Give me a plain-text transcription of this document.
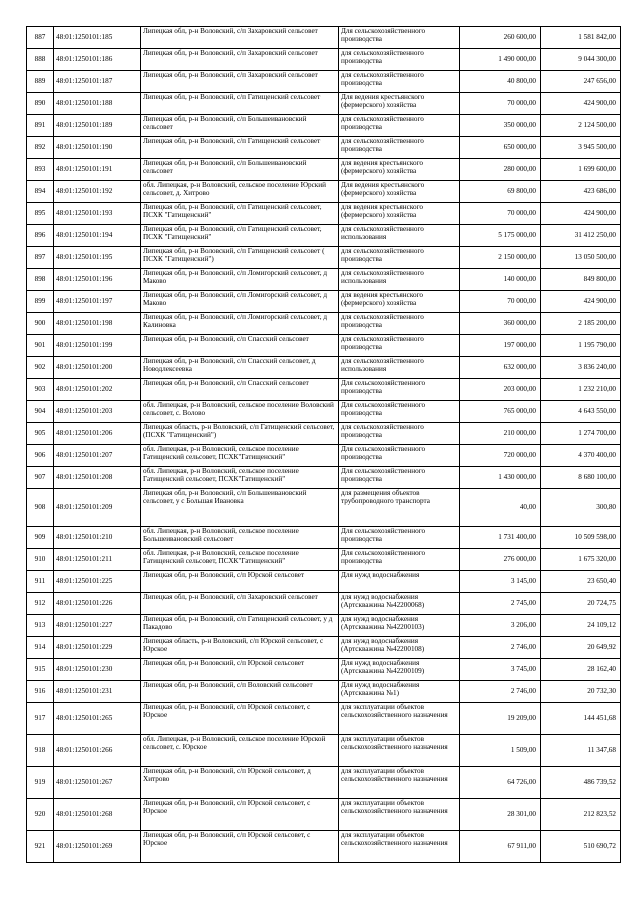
887	48:01:1250101:185	Липецкая обл, р-н Воловский, с/п Захаровский сельсовет	Для сельскохозяйственного производства	260 600,00	1 581 842,00	
888	48:01:1250101:186	Липецкая обл, р-н Воловский, с/п Захаровский сельсовет	для сельскохозяйственного производства	1 490 000,00	9 044 300,00	
889	48:01:1250101:187	Липецкая обл, р-н Воловский, с/п Захаровский сельсовет	для сельскохозяйственного производства	40 800,00	247 656,00	
890	48:01:1250101:188	Липецкая обл, р-н Воловский, с/п Гатищенский сельсовет	Для ведения крестьянского (фермерского) хозяйства	70 000,00	424 900,00	
891	48:01:1250101:189	Липецкая обл, р-н Воловский, с/п Большеивановский сельсовет	для сельскохозяйственного производства	350 000,00	2 124 500,00	
892	48:01:1250101:190	Липецкая обл, р-н Воловский, с/п Гатищенский сельсовет	для сельскохозяйственного производства	650 000,00	3 945 500,00	
893	48:01:1250101:191	Липецкая обл, р-н Воловский, с/п Большеивановский сельсовет	для ведения крестьянского (фермерского) хозяйства	280 000,00	1 699 600,00	
894	48:01:1250101:192	обл. Липецкая, р-н Воловский, сельское поселение Юрский сельсовет, д. Хитрово	Для ведения крестьянского (фермерского) хозяйства	69 800,00	423 686,00	
895	48:01:1250101:193	Липецкая обл, р-н Воловский, с/п Гатищенский сельсовет, ПСХК "Гатищенский"	для ведения крестьянского (фермерского) хозяйства	70 000,00	424 900,00	
896	48:01:1250101:194	Липецкая обл, р-н Воловский, с/п Гатищенский сельсовет, ПСХК "Гатищенский"	для сельскохозяйственного использования	5 175 000,00	31 412 250,00	
897	48:01:1250101:195	Липецкая обл, р-н Воловский, с/п Гатищенский сельсовет ( ПСХК "Гатищенский")	для сельскохозяйственного производства	2 150 000,00	13 050 500,00	
898	48:01:1250101:196	Липецкая обл, р-н Воловский, с/п Ломигорский сельсовет, д Маково	для сельскохозяйственного использования	140 000,00	849 800,00	
899	48:01:1250101:197	Липецкая обл, р-н Воловский, с/п Ломигорский сельсовет, д Маково	для ведения крестьянского (фермерского) хозяйства	70 000,00	424 900,00	
900	48:01:1250101:198	Липецкая обл, р-н Воловский, с/п Ломигорский сельсовет, д Калиновка	для сельскохозяйственного производства	360 000,00	2 185 200,00	
901	48:01:1250101:199	Липецкая обл, р-н Воловский, с/п Спасский сельсовет	для сельскохозяйственного производства	197 000,00	1 195 790,00	
902	48:01:1250101:200	Липецкая обл, р-н Воловский, с/п Спасский сельсовет, д Новодлексеевка	для сельскохозяйственного использования	632 000,00	3 836 240,00	
903	48:01:1250101:202	Липецкая обл, р-н Воловский, с/п Спасский сельсовет	Для сельскохозяйственного производства	203 000,00	1 232 210,00	
904	48:01:1250101:203	обл. Липецкая, р-н Воловский, сельское поселение Воловский сельсовет, с. Волово	Для сельскохозяйственного производства	765 000,00	4 643 550,00	
905	48:01:1250101:206	Липецкая область, р-н Воловский, с/п Гатищенский сельсовет, (ПСХК "Гатищенский")	для сельскохозяйственного производства	210 000,00	1 274 700,00	
906	48:01:1250101:207	обл. Липецкая, р-н Воловский, сельское поселение Гатищенский сельсовет, ПСХК"Гатищенский"	Для сельскохозяйственного производства	720 000,00	4 370 400,00	
907	48:01:1250101:208	обл. Липецкая, р-н Воловский, сельское поселение Гатищенский сельсовет, ПСХК"Гатищенский"	Для сельскохозяйственного производства	1 430 000,00	8 680 100,00	
908	48:01:1250101:209	Липецкая обл, р-н Воловский, с/п Большеивановский сельсовет, у с Большая Ивановка	для размещения объектов трубопроводного транспорта	40,00	300,80	
909	48:01:1250101:210	обл. Липецкая, р-н Воловский, сельское поселение Большеивановский сельсовет	Для сельскохозяйственного производства	1 731 400,00	10 509 598,00	
910	48:01:1250101:211	обл. Липецкая, р-н Воловский, сельское поселение Гатищенский сельсовет, ПСХК"Гатищенский"	Для сельскохозяйственного производства	276 000,00	1 675 320,00	
911	48:01:1250101:225	Липецкая обл, р-н Воловский, с/п Юрской сельсовет	Для нужд водоснабжения	3 145,00	23 650,40	
912	48:01:1250101:226	Липецкая обл, р-н Воловский, с/п Захаровский сельсовет	для нужд водоснабжения (Артскважина №42200068)	2 745,00	20 724,75	
913	48:01:1250101:227	Липецкая обл, р-н Воловский, с/п Гатищенский сельсовет, у д Пакадово	для нужд водоснабжения (Артскважина №42200103)	3 206,00	24 109,12	
914	48:01:1250101:229	Липецкая область, р-н Воловский, с/п Юрской сельсовет, с Юрское	для нужд водоснабжения (Артскважина №42200108)	2 746,00	20 649,92	
915	48:01:1250101:230	Липецкая обл, р-н Воловский, с/п Юрской сельсовет	Для нужд водоснабжения (Артскважина №42200109)	3 745,00	28 162,40	
916	48:01:1250101:231	Липецкая обл, р-н Воловский, с/п Воловский сельсовет	Для нужд водоснабжения (Артскважина №1)	2 746,00	20 732,30	
917	48:01:1250101:265	Липецкая обл, р-н Воловский, с/п Юрской сельсовет, с Юрское	для эксплуатации объектов сельскохозяйственного назначения	19 209,00	144 451,68	
918	48:01:1250101:266	обл. Липецкая, р-н Воловский, сельское поселение Юрской сельсовет, с. Юрское	для эксплуатации объектов сельскохозяйственного назначения	1 509,00	11 347,68	
919	48:01:1250101:267	Липецкая обл, р-н Воловский, с/п Юрской сельсовет, д Хитрово	для эксплуатации объектов сельскохозяйственного назначения	64 726,00	486 739,52	
920	48:01:1250101:268	Липецкая обл, р-н Воловский, с/п Юрской сельсовет, с Юрское	для эксплуатации объектов сельскохозяйственного назначения	28 301,00	212 823,52	
921	48:01:1250101:269	Липецкая обл, р-н Воловский, с/п Юрской сельсовет, с Юрское	для эксплуатации объектов сельскохозяйственного назначения	67 911,00	510 690,72	
